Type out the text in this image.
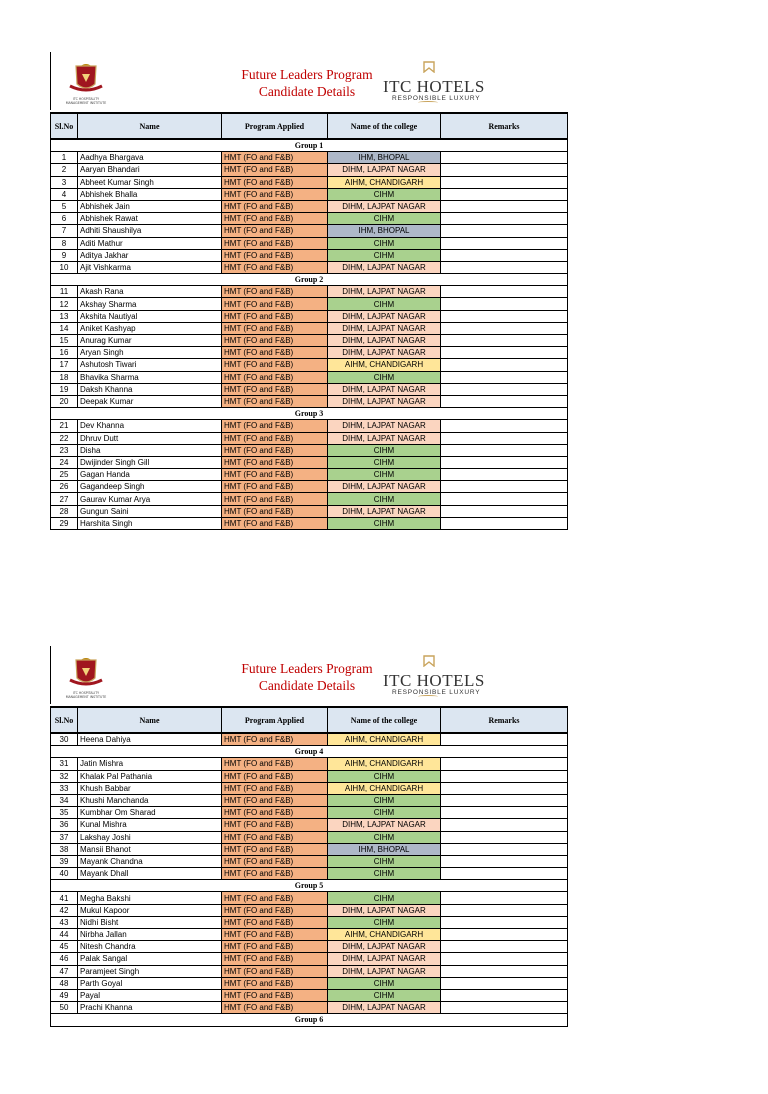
ITC HOSPITALITY
MANAGEMENT INSTITUTE
Future Leaders Program
Candidate Details	ITC HOTELS
RESPONSIBLE LUXURY
Sl.No	Name	Program Applied	Name of the college	Remarks
Group 1				
1	Aadhya Bhargava	HMT (FO and F&B)	IHM, BHOPAL	
2	Aaryan Bhandari	HMT (FO and F&B)	DIHM, LAJPAT NAGAR	
3	Abheet Kumar Singh	HMT (FO and F&B)	AIHM, CHANDIGARH	
4	Abhishek Bhalla	HMT (FO and F&B)	CIHM	
5	Abhishek Jain	HMT (FO and F&B)	DIHM, LAJPAT NAGAR	
6	Abhishek Rawat	HMT (FO and F&B)	CIHM	
7	Adhiti Shaushilya	HMT (FO and F&B)	IHM, BHOPAL	
8	Aditi Mathur	HMT (FO and F&B)	CIHM	
9	Aditya Jakhar	HMT (FO and F&B)	CIHM	
10	Ajit Vishkarma	HMT (FO and F&B)	DIHM, LAJPAT NAGAR	
Group 2				
11	Akash Rana	HMT (FO and F&B)	DIHM, LAJPAT NAGAR	
12	Akshay Sharma	HMT (FO and F&B)	CIHM	
13	Akshita Nautiyal	HMT (FO and F&B)	DIHM, LAJPAT NAGAR	
14	Aniket Kashyap	HMT (FO and F&B)	DIHM, LAJPAT NAGAR	
15	Anurag Kumar	HMT (FO and F&B)	DIHM, LAJPAT NAGAR	
16	Aryan Singh	HMT (FO and F&B)	DIHM, LAJPAT NAGAR	
17	Ashutosh Tiwari	HMT (FO and F&B)	AIHM, CHANDIGARH	
18	Bhavika Sharma	HMT (FO and F&B)	CIHM	
19	Daksh Khanna	HMT (FO and F&B)	DIHM, LAJPAT NAGAR	
20	Deepak Kumar	HMT (FO and F&B)	DIHM, LAJPAT NAGAR	
Group 3				
21	Dev Khanna	HMT (FO and F&B)	DIHM, LAJPAT NAGAR	
22	Dhruv Dutt	HMT (FO and F&B)	DIHM, LAJPAT NAGAR	
23	Disha	HMT (FO and F&B)	CIHM	
24	Dwijinder Singh Gill	HMT (FO and F&B)	CIHM	
25	Gagan Handa	HMT (FO and F&B)	CIHM	
26	Gagandeep Singh	HMT (FO and F&B)	DIHM, LAJPAT NAGAR	
27	Gaurav Kumar Arya	HMT (FO and F&B)	CIHM	
28	Gungun Saini	HMT (FO and F&B)	DIHM, LAJPAT NAGAR	
29	Harshita Singh	HMT (FO and F&B)	CIHM	
ITC HOSPITALITY
MANAGEMENT INSTITUTE
Future Leaders Program
Candidate Details	ITC HOTELS
RESPONSIBLE LUXURY
Sl.No	Name	Program Applied	Name of the college	Remarks
30	Heena Dahiya	HMT (FO and F&B)	AIHM, CHANDIGARH	
Group 4				
31	Jatin Mishra	HMT (FO and F&B)	AIHM, CHANDIGARH	
32	Khalak Pal Pathania	HMT (FO and F&B)	CIHM	
33	Khush Babbar	HMT (FO and F&B)	AIHM, CHANDIGARH	
34	Khushi Manchanda	HMT (FO and F&B)	CIHM	
35	Kumbhar Om Sharad	HMT (FO and F&B)	CIHM	
36	Kunal Mishra	HMT (FO and F&B)	DIHM, LAJPAT NAGAR	
37	Lakshay Joshi	HMT (FO and F&B)	CIHM	
38	Mansii Bhanot	HMT (FO and F&B)	IHM, BHOPAL	
39	Mayank Chandna	HMT (FO and F&B)	CIHM	
40	Mayank Dhall	HMT (FO and F&B)	CIHM	
Group 5				
41	Megha Bakshi	HMT (FO and F&B)	CIHM	
42	Mukul Kapoor	HMT (FO and F&B)	DIHM, LAJPAT NAGAR	
43	Nidhi Bisht	HMT (FO and F&B)	CIHM	
44	Nirbha Jallan	HMT (FO and F&B)	AIHM, CHANDIGARH	
45	Nitesh Chandra	HMT (FO and F&B)	DIHM, LAJPAT NAGAR	
46	Palak Sangal	HMT (FO and F&B)	DIHM, LAJPAT NAGAR	
47	Paramjeet Singh	HMT (FO and F&B)	DIHM, LAJPAT NAGAR	
48	Parth Goyal	HMT (FO and F&B)	CIHM	
49	Payal	HMT (FO and F&B)	CIHM	
50	Prachi Khanna	HMT (FO and F&B)	DIHM, LAJPAT NAGAR	
Group 6				
